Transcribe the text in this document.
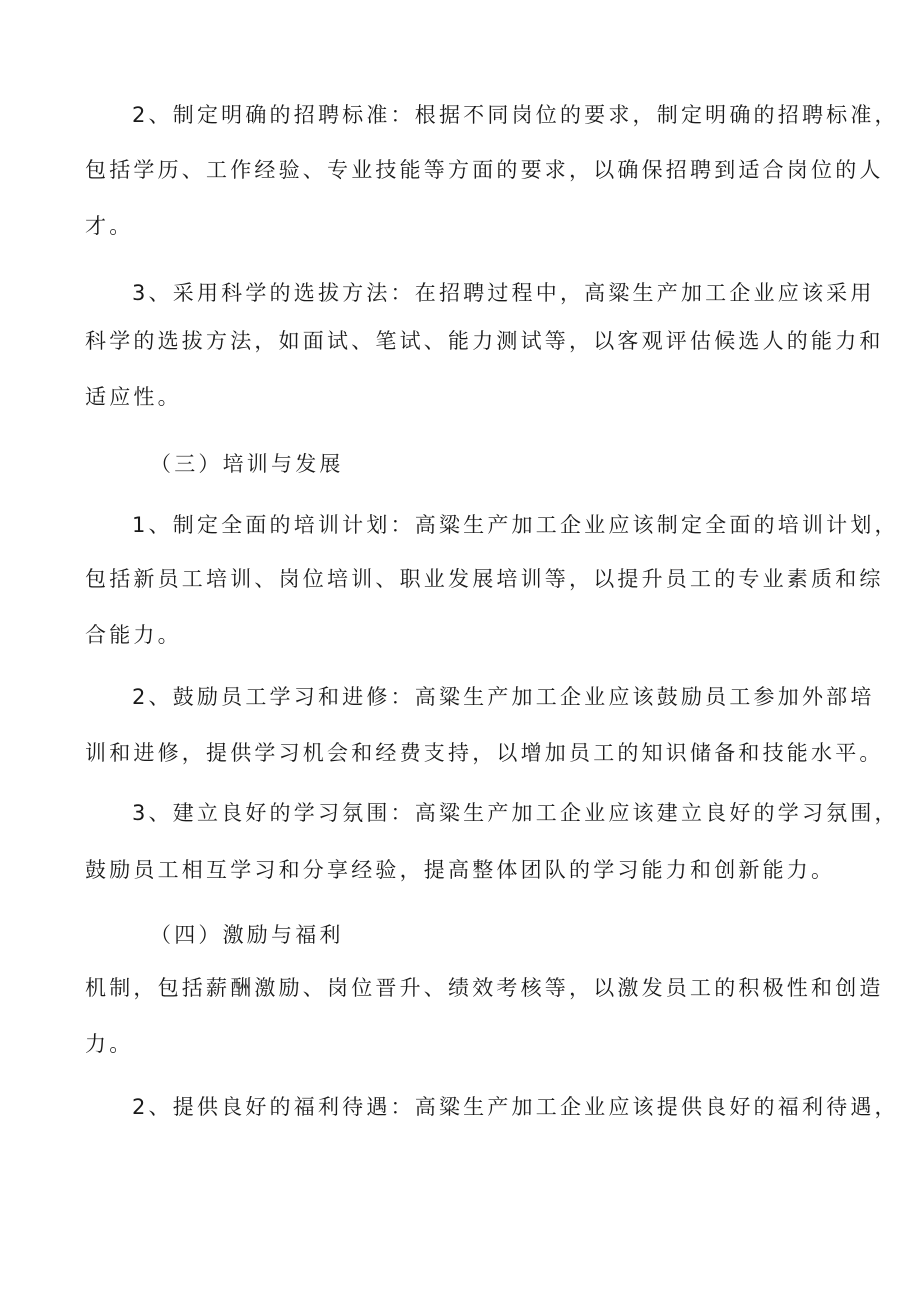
2、制定明确的招聘标准：根据不同岗位的要求，制定明确的招聘标准，
包括学历、工作经验、专业技能等方面的要求，以确保招聘到适合岗位的人
才。
3、采用科学的选拔方法：在招聘过程中，高粱生产加工企业应该采用
科学的选拔方法，如面试、笔试、能力测试等，以客观评估候选人的能力和
适应性。
（三）培训与发展
1、制定全面的培训计划：高粱生产加工企业应该制定全面的培训计划，
包括新员工培训、岗位培训、职业发展培训等，以提升员工的专业素质和综
合能力。
2、鼓励员工学习和进修：高粱生产加工企业应该鼓励员工参加外部培
训和进修，提供学习机会和经费支持，以增加员工的知识储备和技能水平。
3、建立良好的学习氛围：高粱生产加工企业应该建立良好的学习氛围，
鼓励员工相互学习和分享经验，提高整体团队的学习能力和创新能力。
（四）激励与福利
机制，包括薪酬激励、岗位晋升、绩效考核等，以激发员工的积极性和创造
力。
2、提供良好的福利待遇：高粱生产加工企业应该提供良好的福利待遇，
